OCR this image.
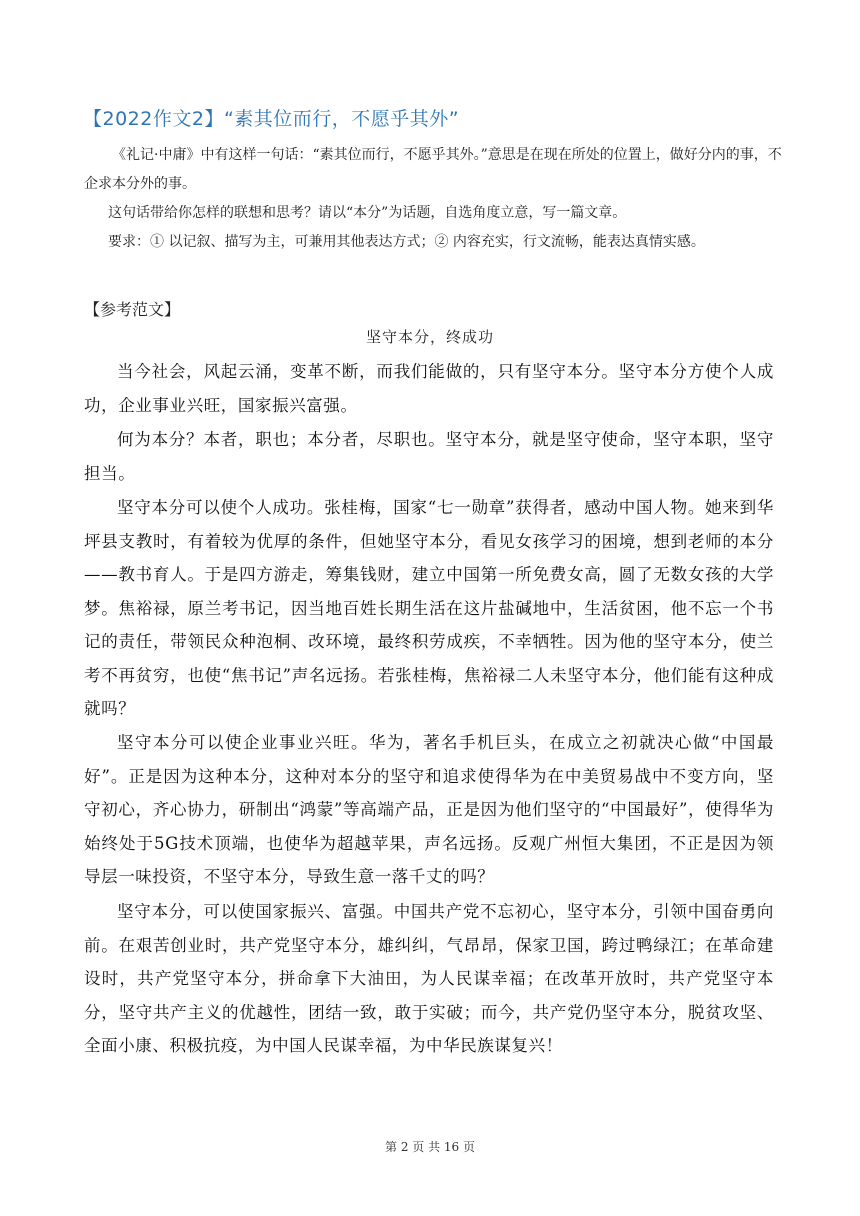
【2022作文2】“素其位而行，不愿乎其外”
《礼记·中庸》中有这样一句话：“素其位而行，不愿乎其外。”意思是在现在所处的位置上，做好分内的事，不企求本分外的事。
这句话带给你怎样的联想和思考？请以“本分”为话题，自选角度立意，写一篇文章。
要求：① 以记叙、描写为主，可兼用其他表达方式；② 内容充实，行文流畅，能表达真情实感。
【参考范文】
坚守本分，终成功
当今社会，风起云涌，变革不断，而我们能做的，只有坚守本分。坚守本分方使个人成功，企业事业兴旺，国家振兴富强。
何为本分？本者，职也；本分者，尽职也。坚守本分，就是坚守使命，坚守本职，坚守担当。
坚守本分可以使个人成功。张桂梅，国家“七一勋章”获得者，感动中国人物。她来到华坪县支教时，有着较为优厚的条件，但她坚守本分，看见女孩学习的困境，想到老师的本分——教书育人。于是四方游走，筹集钱财，建立中国第一所免费女高，圆了无数女孩的大学梦。焦裕禄，原兰考书记，因当地百姓长期生活在这片盐碱地中，生活贫困，他不忘一个书记的责任，带领民众种泡桐、改环境，最终积劳成疾，不幸牺牲。因为他的坚守本分，使兰考不再贫穷，也使“焦书记”声名远扬。若张桂梅，焦裕禄二人未坚守本分，他们能有这种成就吗？
坚守本分可以使企业事业兴旺。华为，著名手机巨头，在成立之初就决心做“中国最好”。正是因为这种本分，这种对本分的坚守和追求使得华为在中美贸易战中不变方向，坚守初心，齐心协力，研制出“鸿蒙”等高端产品，正是因为他们坚守的“中国最好”，使得华为始终处于5G技术顶端，也使华为超越苹果，声名远扬。反观广州恒大集团，不正是因为领导层一味投资，不坚守本分，导致生意一落千丈的吗？
坚守本分，可以使国家振兴、富强。中国共产党不忘初心，坚守本分，引领中国奋勇向前。在艰苦创业时，共产党坚守本分，雄纠纠，气昂昂，保家卫国，跨过鸭绿江；在革命建设时，共产党坚守本分，拼命拿下大油田，为人民谋幸福；在改革开放时，共产党坚守本分，坚守共产主义的优越性，团结一致，敢于实破；而今，共产党仍坚守本分，脱贫攻坚、全面小康、积极抗疫，为中国人民谋幸福，为中华民族谋复兴！
第 2 页 共 16 页
